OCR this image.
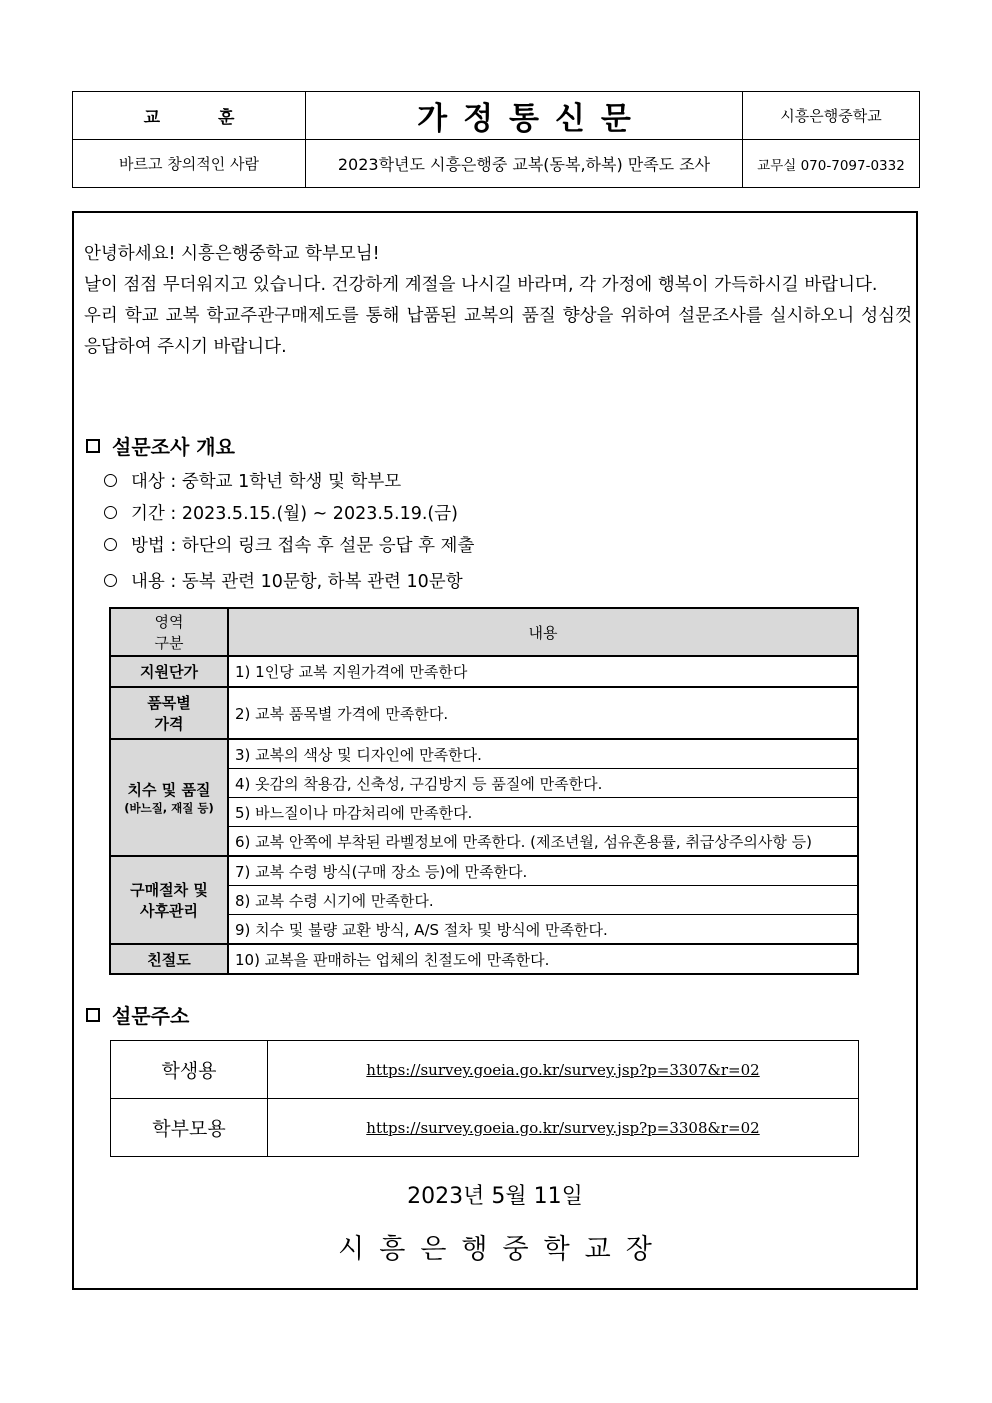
교 훈	가정통신문	시흥은행중학교
바르고 창의적인 사람	2023학년도 시흥은행중 교복(동복,하복) 만족도 조사	교무실 070-7097-0332

안녕하세요! 시흥은행중학교 학부모님!

날이 점점 무더워지고 있습니다. 건강하게 계절을 나시길 바라며, 각 가정에 행복이 가득하시길 바랍니다.

우리 학교 교복 학교주관구매제도를 통해 납품된 교복의 품질 향상을 위하여 설문조사를 실시하오니 성심껏 응답하여 주시기 바랍니다.

설문조사 개요
대상 : 중학교 1학년 학생 및 학부모
기간 : 2023.5.15.(월) ~ 2023.5.19.(금)
방법 : 하단의 링크 접속 후 설문 응답 후 제출
내용 : 동복 관련 10문항, 하복 관련 10문항
영역
구분	내용
지원단가	1) 1인당 교복 지원가격에 만족한다

품목별
가격	2) 교복 품목별 가격에 만족한다.

치수 및 품질
(바느질, 재질 등)	3) 교복의 색상 및 디자인에 만족한다.
	4) 옷감의 착용감, 신축성, 구김방지 등 품질에 만족한다.
	5) 바느질이나 마감처리에 만족한다.
	6) 교복 안쪽에 부착된 라벨정보에 만족한다. (제조년월, 섬유혼용률, 취급상주의사항 등)

구매절차 및
사후관리	7) 교복 수령 방식(구매 장소 등)에 만족한다.
	8) 교복 수령 시기에 만족한다.
	9) 치수 및 불량 교환 방식, A/S 절차 및 방식에 만족한다.
친절도	10) 교복을 판매하는 업체의 친절도에 만족한다.
설문주소
학생용	https://survey.goeia.go.kr/survey.jsp?p=3307&r=02
학부모용	https://survey.goeia.go.kr/survey.jsp?p=3308&r=02
2023년 5월 11일
시흥은행중학교장
